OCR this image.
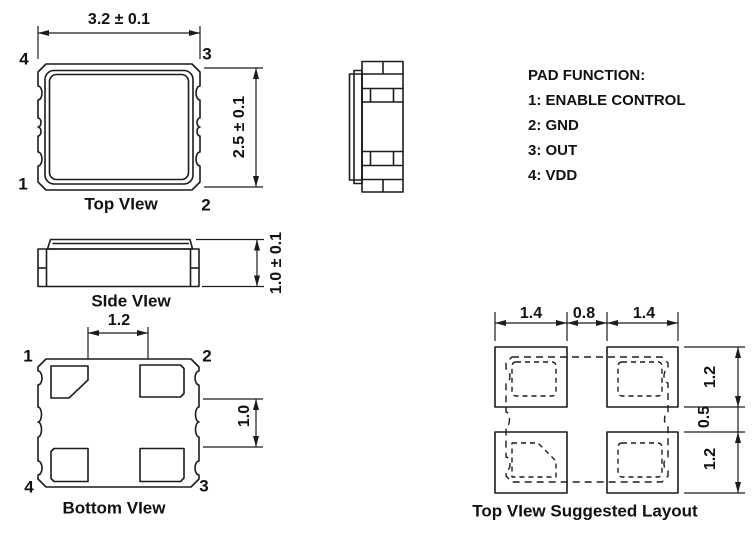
3.2 ± 0.1
2.5 ± 0.1
4	3
1
2
Top VIew
1.0 ± 0.1
SIde VIew
1.2
1.0
1	2
4	3
Bottom VIew
1.4 0.8 1.4
1.2
0.5
1.2
Top VIew Suggested Layout
PAD FUNCTION:
1: ENABLE CONTROL
2: GND
3: OUT
4: VDD
